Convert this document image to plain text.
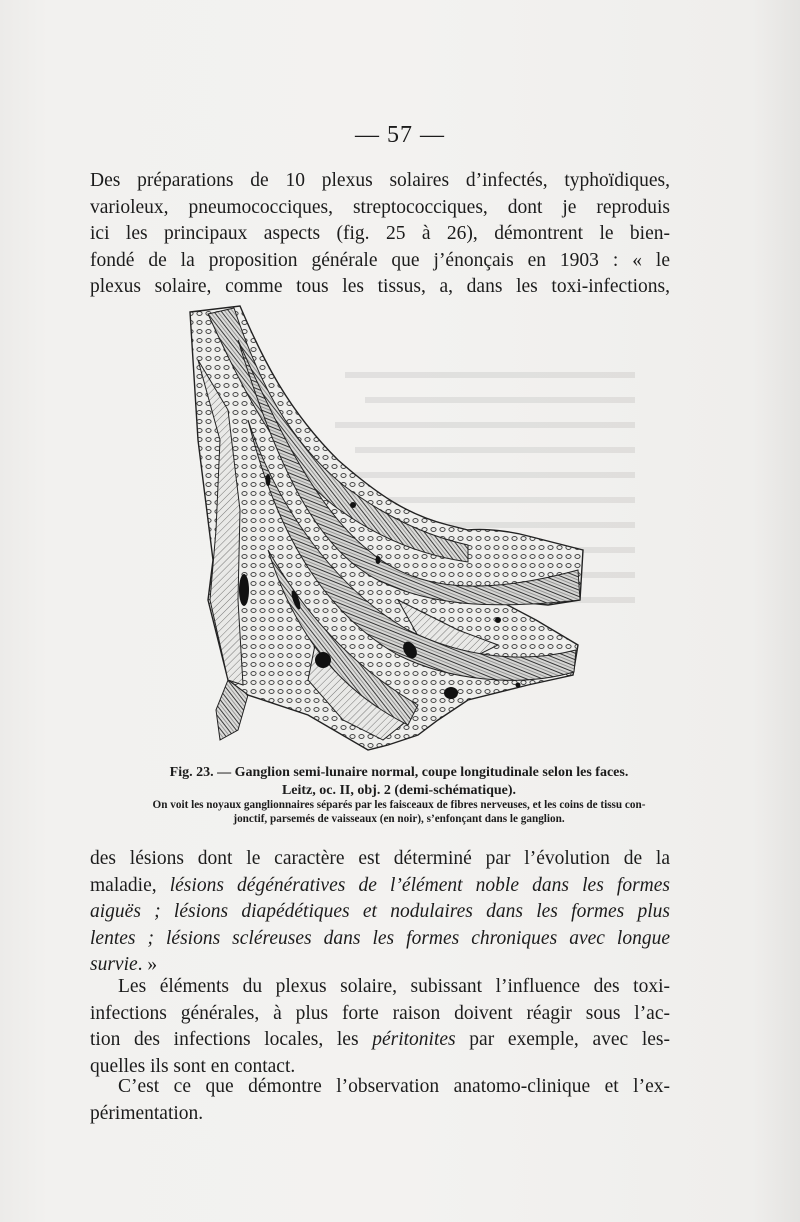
— 57 —

Des préparations de 10 plexus solaires d’infectés, typhoïdiques,
varioleux, pneumococciques, streptococciques, dont je reproduis
ici les principaux aspects (fig. 25 à 26), démontrent le bien-
fondé de la proposition générale que j’énonçais en 1903 : « le
plexus solaire, comme tous les tissus, a, dans les toxi-infections,

Fig. 23. — Ganglion semi-lunaire normal, coupe longitudinale selon les faces.
Leitz, oc. II, obj. 2 (demi-schématique).
On voit les noyaux ganglionnaires séparés par les faisceaux de fibres nerveuses, et les coins de tissu con-
jonctif, parsemés de vaisseaux (en noir), s’enfonçant dans le ganglion.

des lésions dont le caractère est déterminé par l’évolution de la
maladie, lésions dégénératives de l’élément noble dans les formes
aiguës ; lésions diapédétiques et nodulaires dans les formes plus
lentes ; lésions scléreuses dans les formes chroniques avec longue
survie. »

Les éléments du plexus solaire, subissant l’influence des toxi-
infections générales, à plus forte raison doivent réagir sous l’ac-
tion des infections locales, les péritonites par exemple, avec les-
quelles ils sont en contact.

C’est ce que démontre l’observation anatomo-clinique et l’ex-
périmentation.
